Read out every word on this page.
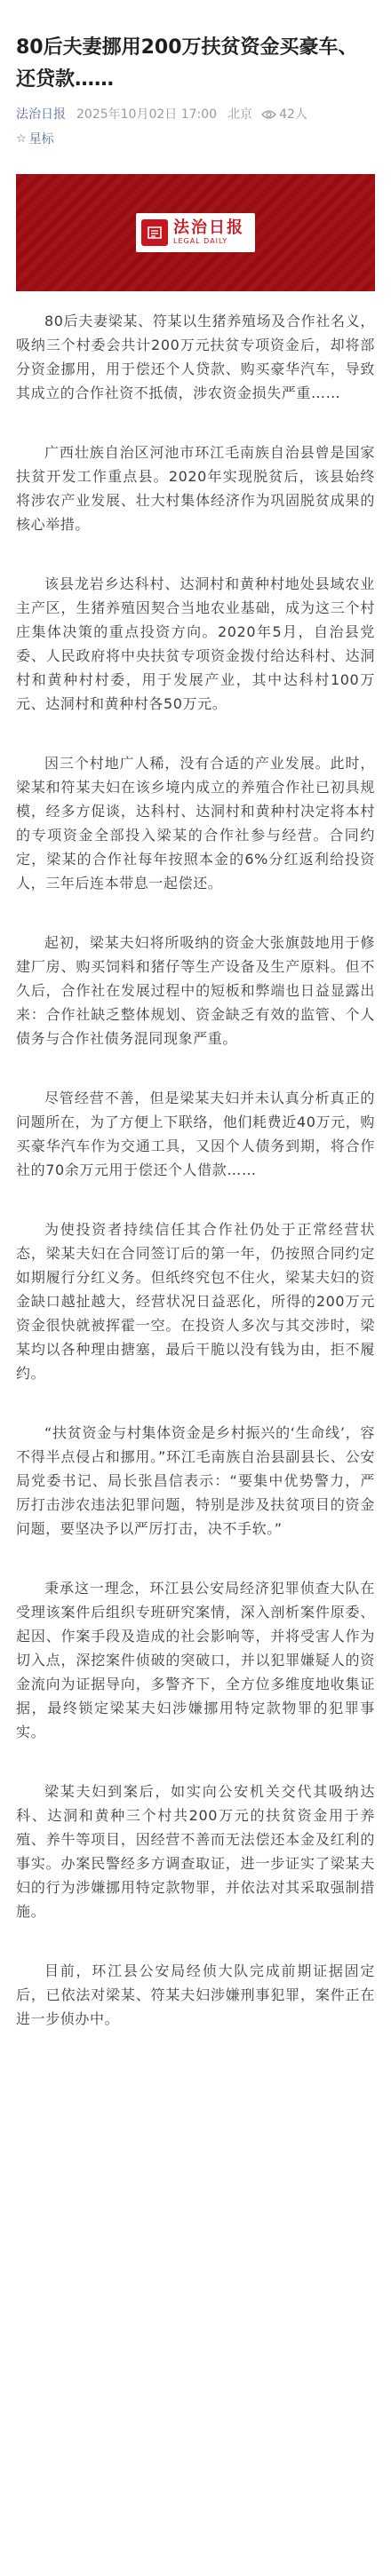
80后夫妻挪用200万扶贫资金买豪车、还贷款……
法治日报 2025年10月02日 17:00 北京 42人
☆ 星标
法治日报
LEGAL DAILY

80后夫妻梁某、符某以生猪养殖场及合作社名义，吸纳三个村委会共计200万元扶贫专项资金后，却将部分资金挪用，用于偿还个人贷款、购买豪华汽车，导致其成立的合作社资不抵债，涉农资金损失严重……

广西壮族自治区河池市环江毛南族自治县曾是国家扶贫开发工作重点县。2020年实现脱贫后，该县始终将涉农产业发展、壮大村集体经济作为巩固脱贫成果的核心举措。

该县龙岩乡达科村、达洞村和黄种村地处县域农业主产区，生猪养殖因契合当地农业基础，成为这三个村庄集体决策的重点投资方向。2020年5月，自治县党委、人民政府将中央扶贫专项资金拨付给达科村、达洞村和黄种村村委，用于发展产业，其中达科村100万元、达洞村和黄种村各50万元。

因三个村地广人稀，没有合适的产业发展。此时，梁某和符某夫妇在该乡境内成立的养殖合作社已初具规模，经多方促谈，达科村、达洞村和黄种村决定将本村的专项资金全部投入梁某的合作社参与经营。合同约定，梁某的合作社每年按照本金的6%分红返利给投资人，三年后连本带息一起偿还。

起初，梁某夫妇将所吸纳的资金大张旗鼓地用于修建厂房、购买饲料和猪仔等生产设备及生产原料。但不久后，合作社在发展过程中的短板和弊端也日益显露出来：合作社缺乏整体规划、资金缺乏有效的监管、个人债务与合作社债务混同现象严重。

尽管经营不善，但是梁某夫妇并未认真分析真正的问题所在，为了方便上下联络，他们耗费近40万元，购买豪华汽车作为交通工具，又因个人债务到期，将合作社的70余万元用于偿还个人借款……

为使投资者持续信任其合作社仍处于正常经营状态，梁某夫妇在合同签订后的第一年，仍按照合同约定如期履行分红义务。但纸终究包不住火，梁某夫妇的资金缺口越扯越大，经营状况日益恶化，所得的200万元资金很快就被挥霍一空。在投资人多次与其交涉时，梁某均以各种理由搪塞，最后干脆以没有钱为由，拒不履约。

“扶贫资金与村集体资金是乡村振兴的‘生命线’，容不得半点侵占和挪用。”环江毛南族自治县副县长、公安局党委书记、局长张昌信表示：“要集中优势警力，严厉打击涉农违法犯罪问题，特别是涉及扶贫项目的资金问题，要坚决予以严厉打击，决不手软。”

秉承这一理念，环江县公安局经济犯罪侦查大队在受理该案件后组织专班研究案情，深入剖析案件原委、起因、作案手段及造成的社会影响等，并将受害人作为切入点，深挖案件侦破的突破口，并以犯罪嫌疑人的资金流向为证据导向，多警齐下，全方位多维度地收集证据，最终锁定梁某夫妇涉嫌挪用特定款物罪的犯罪事实。

梁某夫妇到案后，如实向公安机关交代其吸纳达科、达洞和黄种三个村共200万元的扶贫资金用于养殖、养牛等项目，因经营不善而无法偿还本金及红利的事实。办案民警经多方调查取证，进一步证实了梁某夫妇的行为涉嫌挪用特定款物罪，并依法对其采取强制措施。

目前，环江县公安局经侦大队完成前期证据固定后，已依法对梁某、符某夫妇涉嫌刑事犯罪，案件正在进一步侦办中。
